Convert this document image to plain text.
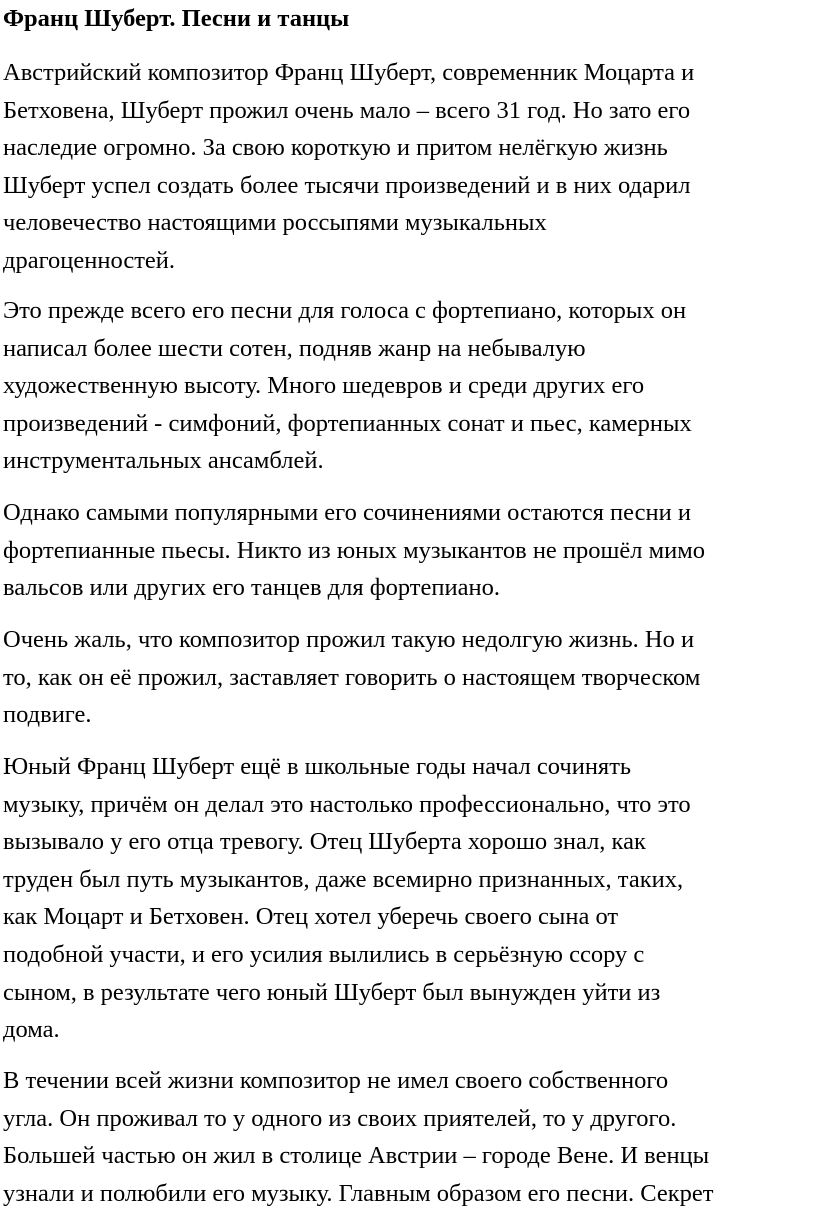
Франц Шуберт. Песни и танцы
Австрийский композитор Франц Шуберт, современник Моцарта и
Бетховена, Шуберт прожил очень мало – всего 31 год. Но зато его
наследие огромно. За свою короткую и притом нелёгкую жизнь
Шуберт успел создать более тысячи произведений и в них одарил
человечество настоящими россыпями музыкальных
драгоценностей.
Это прежде всего его песни для голоса с фортепиано, которых он
написал более шести сотен, подняв жанр на небывалую
художественную высоту. Много шедевров и среди других его
произведений - симфоний, фортепианных сонат и пьес, камерных
инструментальных ансамблей.
Однако самыми популярными его сочинениями остаются песни и
фортепианные пьесы. Никто из юных музыкантов не прошёл мимо
вальсов или других его танцев для фортепиано.
Очень жаль, что композитор прожил такую недолгую жизнь. Но и
то, как он её прожил, заставляет говорить о настоящем творческом
подвиге.
Юный Франц Шуберт ещё в школьные годы начал сочинять
музыку, причём он делал это настолько профессионально, что это
вызывало у его отца тревогу. Отец Шуберта хорошо знал, как
труден был путь музыкантов, даже всемирно признанных, таких,
как Моцарт и Бетховен. Отец хотел уберечь своего сына от
подобной участи, и его усилия вылились в серьёзную ссору с
сыном, в результате чего юный Шуберт был вынужден уйти из
дома.
В течении всей жизни композитор не имел своего собственного
угла. Он проживал то у одного из своих приятелей, то у другого.
Большей частью он жил в столице Австрии – городе Вене. И венцы
узнали и полюбили его музыку. Главным образом его песни. Секрет
